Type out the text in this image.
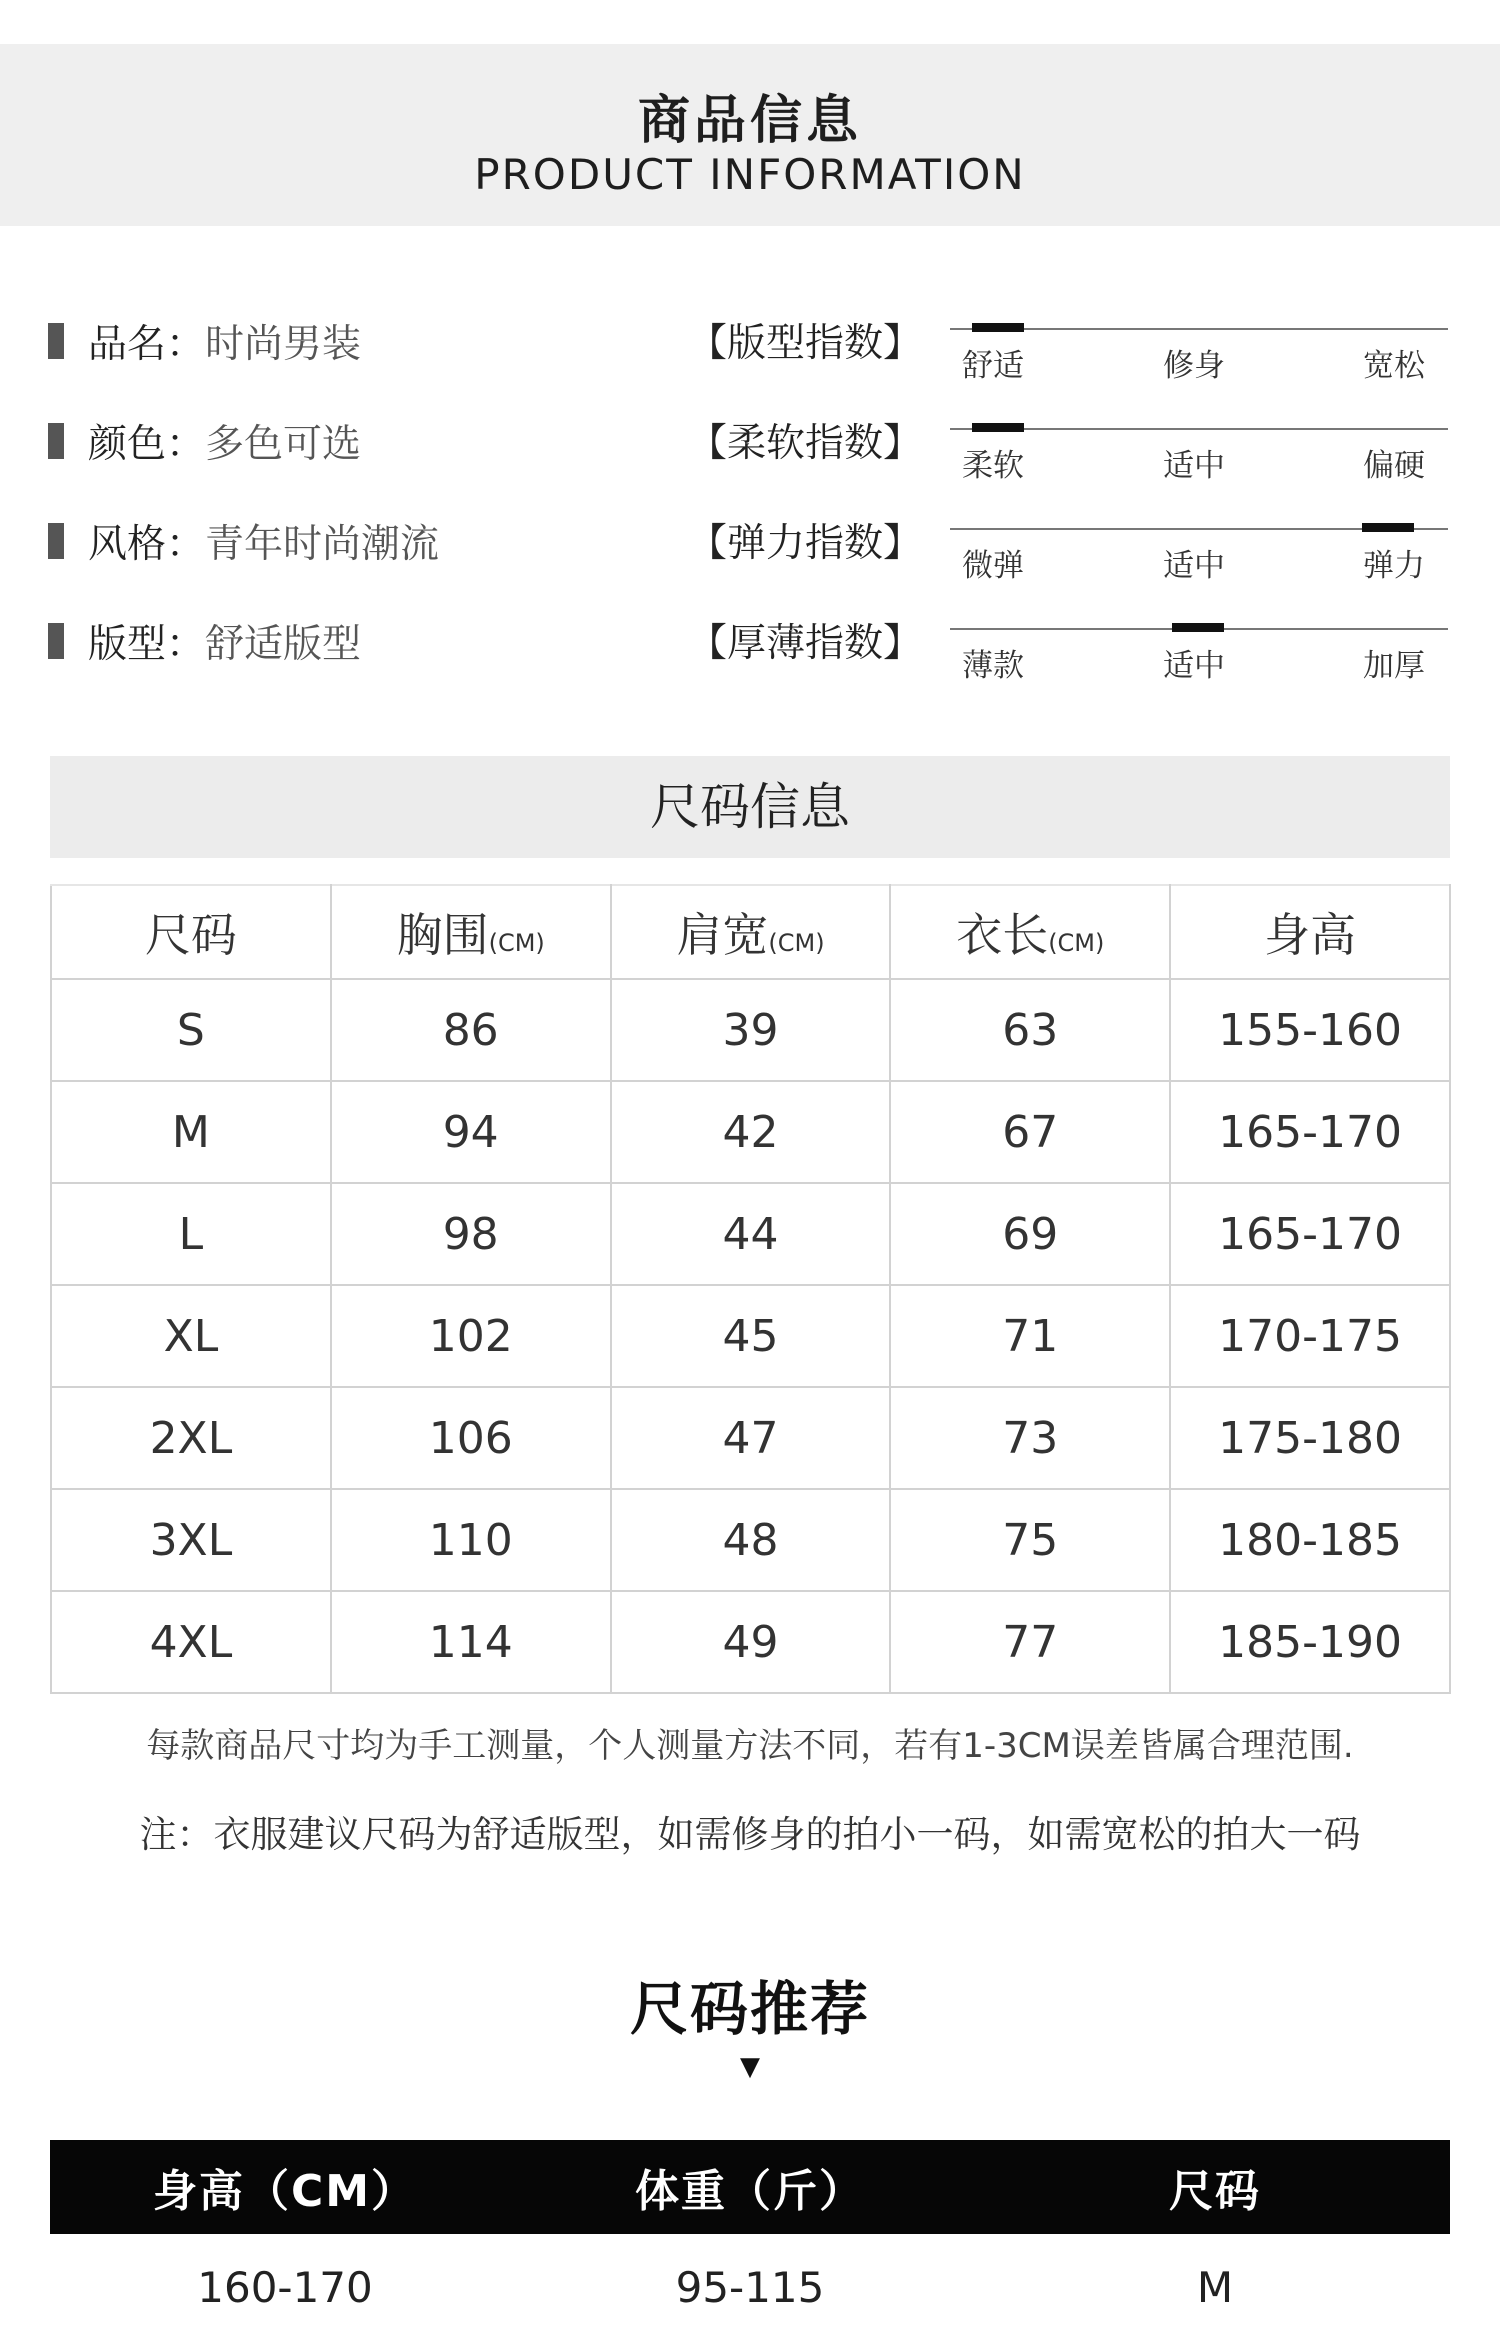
商品信息
PRODUCT INFORMATION
品名： 时尚男装
颜色： 多色可选
风格： 青年时尚潮流
版型： 舒适版型
【版型指数】
【柔软指数】
【弹力指数】
【厚薄指数】
舒适	修身	宽松
柔软	适中	偏硬
微弹	适中	弹力
薄款	适中	加厚
尺码信息
尺码	胸围(CM)	肩宽(CM)	衣长(CM)	身高
S	86	39	63	155-160
M	94	42	67	165-170
L	98	44	69	165-170
XL	102	45	71	170-175
2XL	106	47	73	175-180
3XL	110	48	75	180-185
4XL	114	49	77	185-190
每款商品尺寸均为手工测量，个人测量方法不同，若有1-3CM误差皆属合理范围.
注：衣服建议尺码为舒适版型，如需修身的拍小一码，如需宽松的拍大一码
尺码推荐
▼
身高（CM）	体重（斤）	尺码
160-170	95-115	M
